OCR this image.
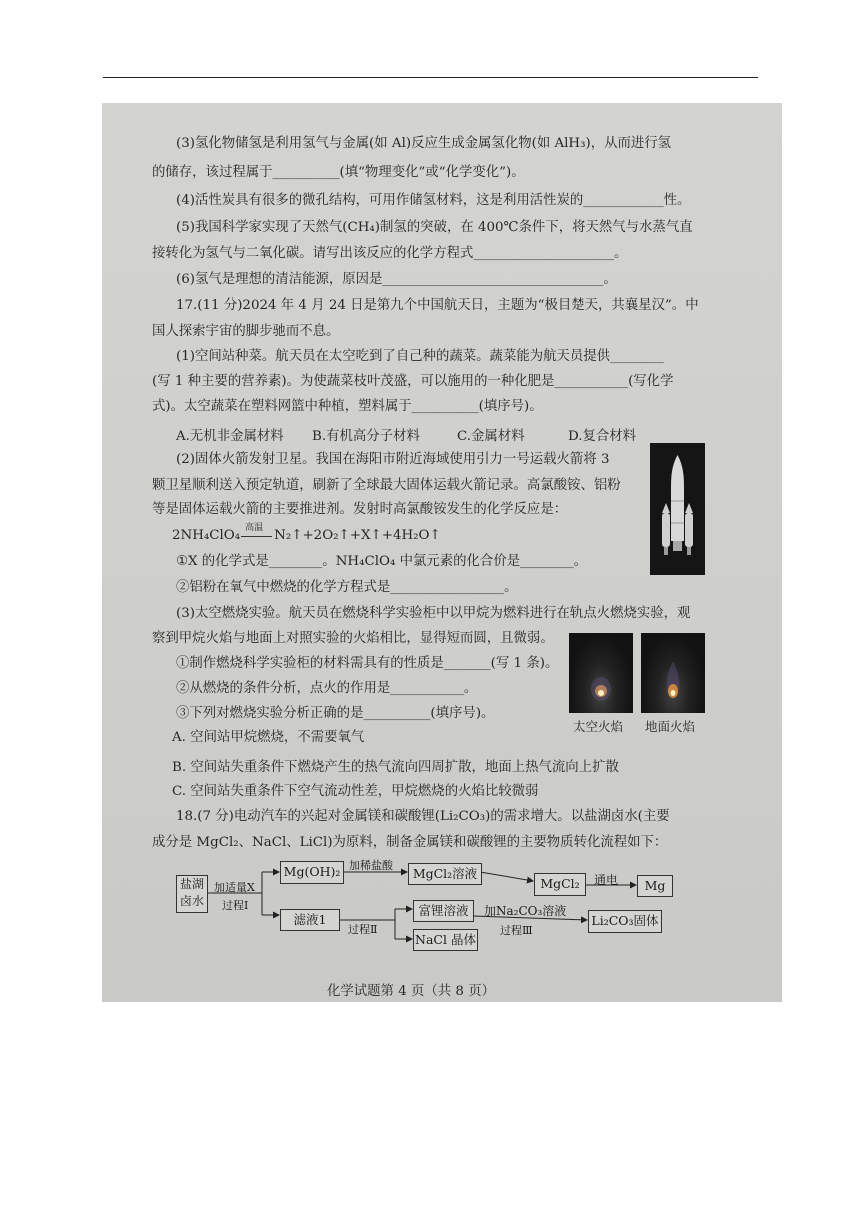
(3)氢化物储氢是利用氢气与金属(如 Al)反应生成金属氢化物(如 AlH₃)，从而进行氢
的储存，该过程属于__________(填“物理变化”或“化学变化”)。
(4)活性炭具有很多的微孔结构，可用作储氢材料，这是利用活性炭的____________性。
(5)我国科学家实现了天然气(CH₄)制氢的突破，在 400℃条件下，将天然气与水蒸气直
接转化为氢气与二氧化碳。请写出该反应的化学方程式_____________________。
(6)氢气是理想的清洁能源，原因是_________________________________。
17.(11 分)2024 年 4 月 24 日是第九个中国航天日，主题为“极目楚天，共襄星汉”。中
国人探索宇宙的脚步驰而不息。
(1)空间站种菜。航天员在太空吃到了自己种的蔬菜。蔬菜能为航天员提供________
(写 1 种主要的营养素)。为使蔬菜枝叶茂盛，可以施用的一种化肥是___________(写化学
式)。太空蔬菜在塑料网篮中种植，塑料属于__________(填序号)。
A.无机非金属材料 B.有机高分子材料	C.金属材料	D.复合材料
(2)固体火箭发射卫星。我国在海阳市附近海域使用引力一号运载火箭将 3
颗卫星顺利送入预定轨道，刷新了全球最大固体运载火箭记录。高氯酸铵、铝粉
等是固体运载火箭的主要推进剂。发射时高氯酸铵发生的化学反应是：
2NH₄ClO₄
高温
N₂↑+2O₂↑+X↑+4H₂O↑
①X 的化学式是________。NH₄ClO₄ 中氯元素的化合价是________。
②铝粉在氧气中燃烧的化学方程式是_________________。
(3)太空燃烧实验。航天员在燃烧科学实验柜中以甲烷为燃料进行在轨点火燃烧实验，观
察到甲烷火焰与地面上对照实验的火焰相比，显得短而圆，且微弱。
①制作燃烧科学实验柜的材料需具有的性质是_______(写 1 条)。
②从燃烧的条件分析，点火的作用是___________。
③下列对燃烧实验分析正确的是__________(填序号)。
太空火焰 地面火焰
A. 空间站甲烷燃烧，不需要氧气
B. 空间站失重条件下燃烧产生的热气流向四周扩散，地面上热气流向上扩散
C. 空间站失重条件下空气流动性差，甲烷燃烧的火焰比较微弱
18.(7 分)电动汽车的兴起对金属镁和碳酸锂(Li₂CO₃)的需求增大。以盐湖卤水(主要
成分是 MgCl₂、NaCl、LiCl)为原料，制备金属镁和碳酸锂的主要物质转化流程如下：
盐湖
卤水
加适量X
过程Ⅰ
Mg(OH)₂ 加稀盐酸
MgCl₂溶液
MgCl₂	通电	Mg
滤液1
过程Ⅱ
富锂溶液
NaCl 晶体
加Na₂CO₃溶液
过程Ⅲ
Li₂CO₃固体
化学试题第 4 页（共 8 页）
